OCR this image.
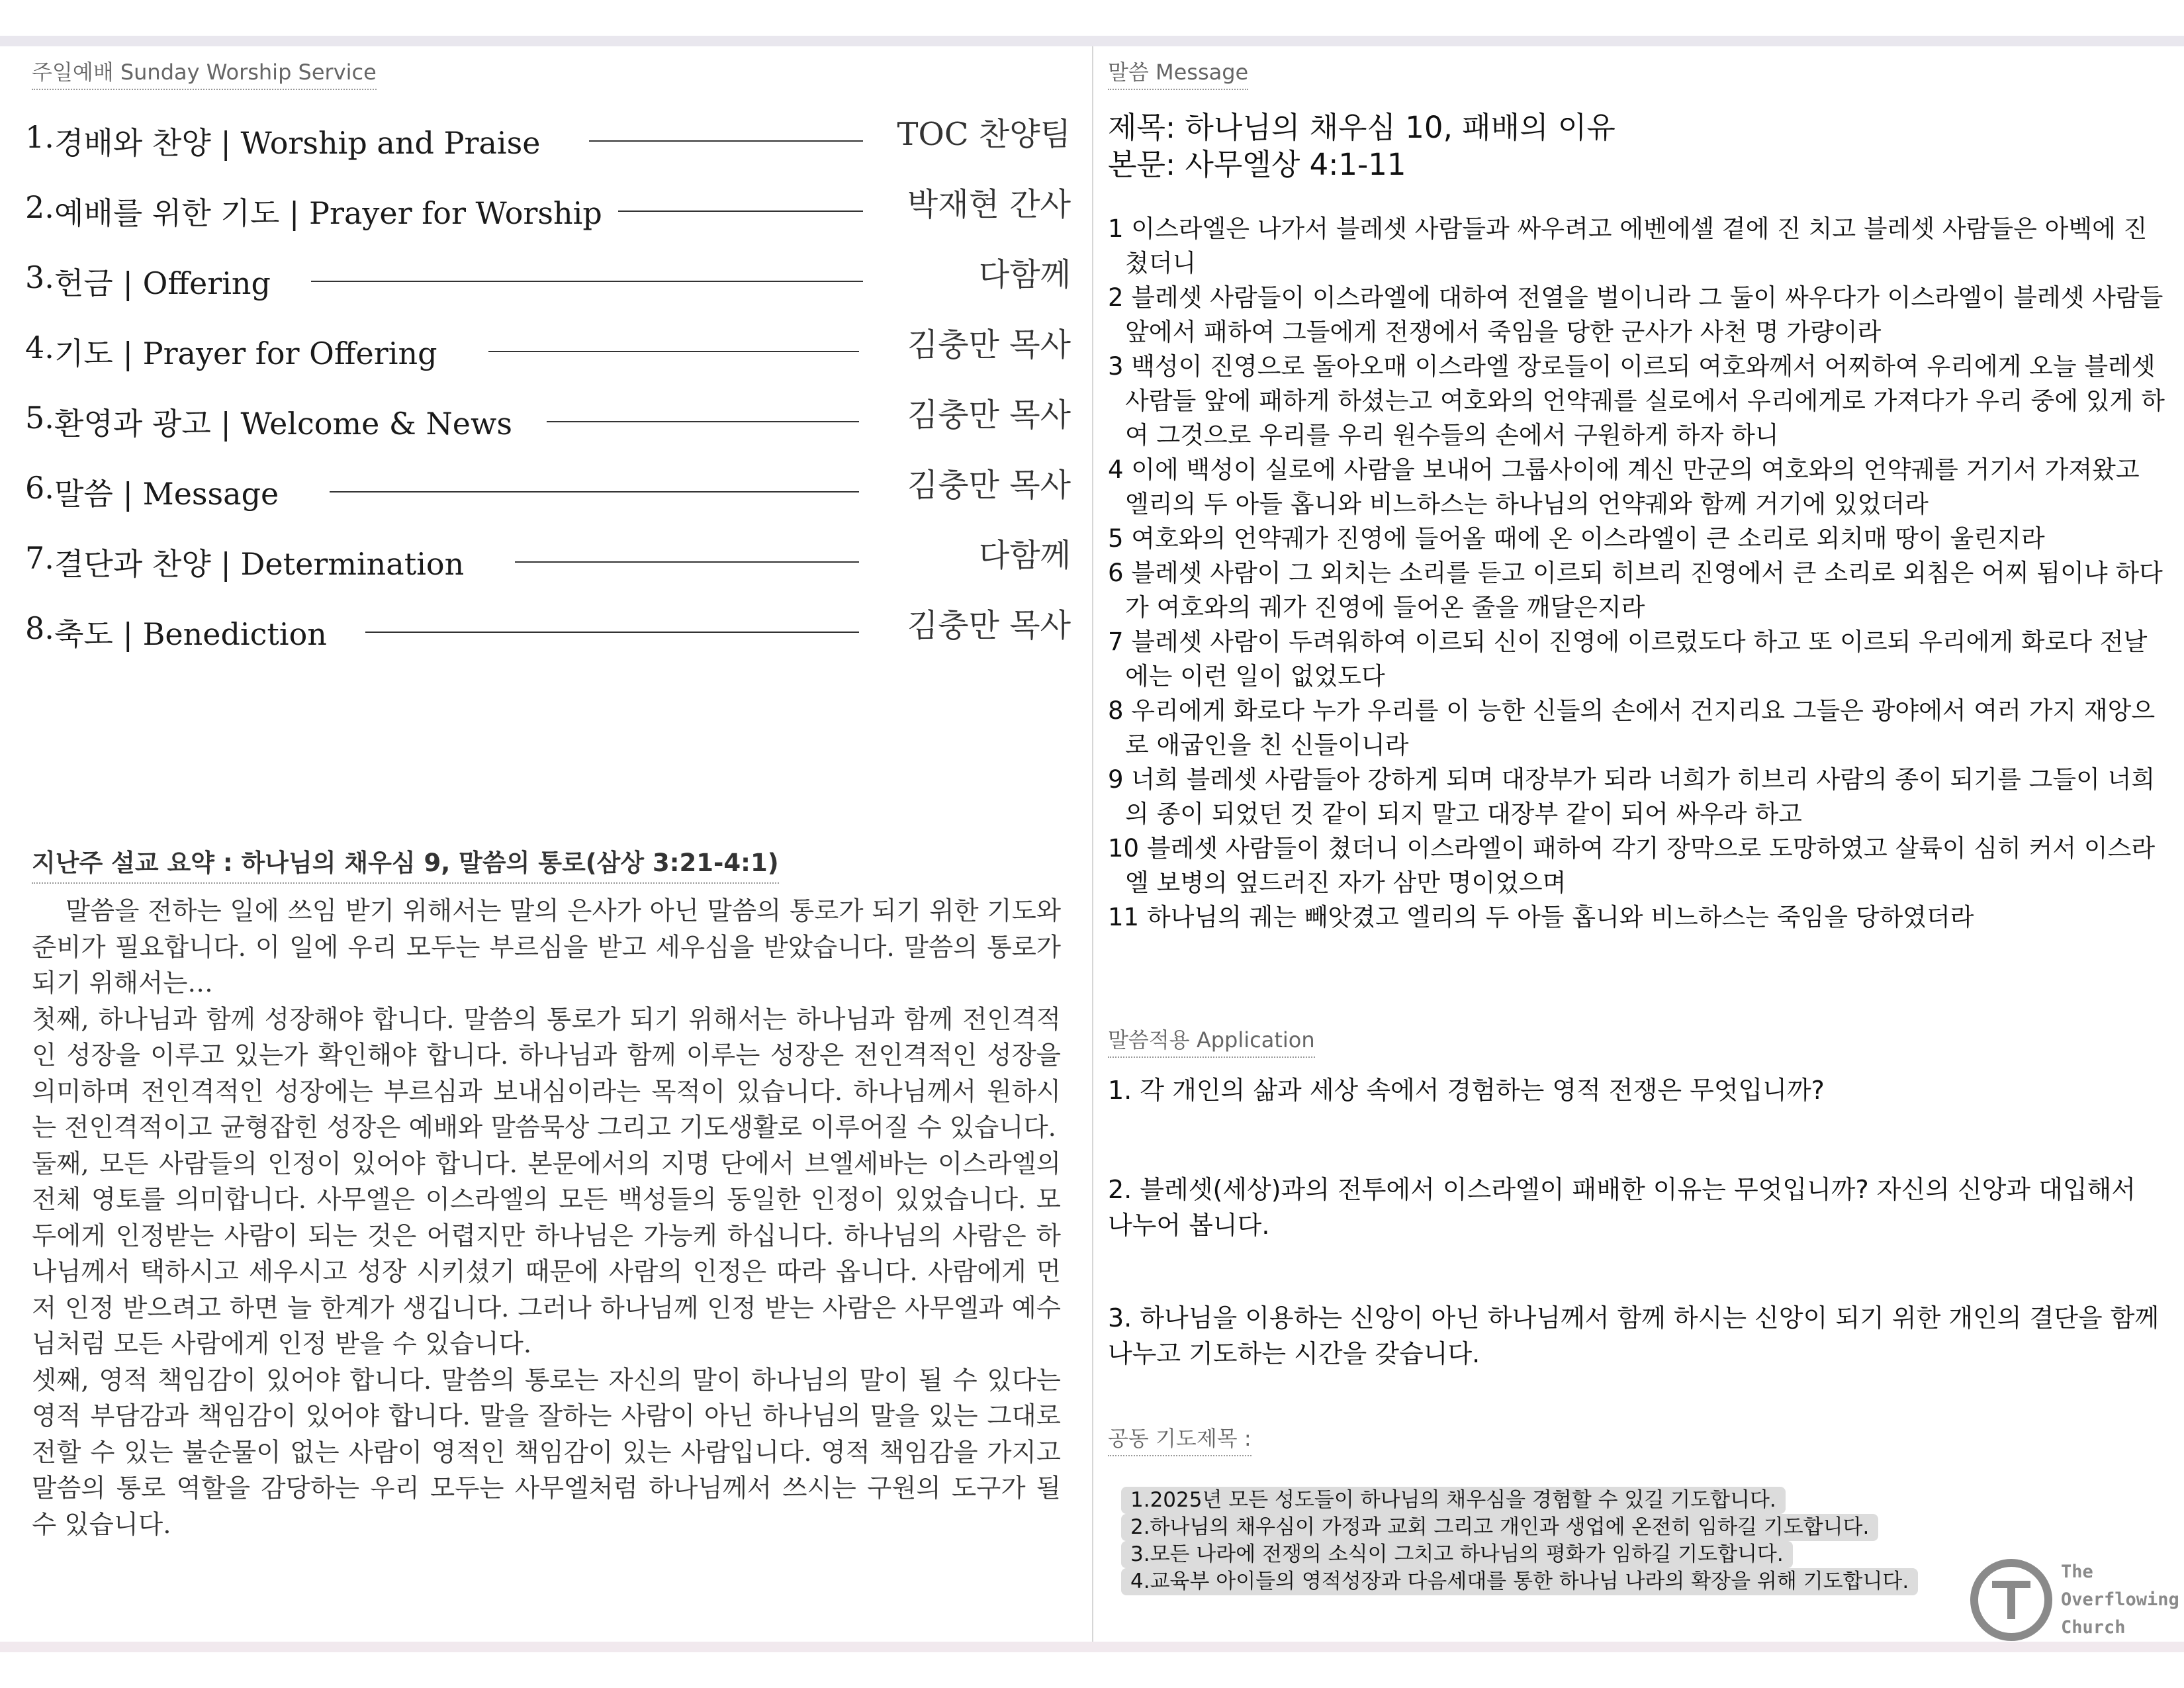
주일예배 Sunday Worship Service
1. 경배와 찬양 | Worship and Praise	TOC 찬양팀
2. 예배를 위한 기도 | Prayer for Worship	박재현 간사
3. 헌금 | Offering	다함께
4. 기도 | Prayer for Offering	김충만 목사
5. 환영과 광고 | Welcome & News	김충만 목사
6. 말씀 | Message	김충만 목사
7. 결단과 찬양 | Determination	다함께
8. 축도 | Benediction	김충만 목사
지난주 설교 요약 : 하나님의 채우심 9, 말씀의 통로(삼상 3:21-4:1)

말씀을 전하는 일에 쓰임 받기 위해서는 말의 은사가 아닌 말씀의 통로가 되기 위한 기도와 준비가 필요합니다. 이 일에 우리 모두는 부르심을 받고 세우심을 받았습니다. 말씀의 통로가 되기 위해서는…

첫째, 하나님과 함께 성장해야 합니다. 말씀의 통로가 되기 위해서는 하나님과 함께 전인격적인 성장을 이루고 있는가 확인해야 합니다. 하나님과 함께 이루는 성장은 전인격적인 성장을 의미하며 전인격적인 성장에는 부르심과 보내심이라는 목적이 있습니다. 하나님께서 원하시는 전인격적이고 균형잡힌 성장은 예배와 말씀묵상 그리고 기도생활로 이루어질 수 있습니다.

둘째, 모든 사람들의 인정이 있어야 합니다. 본문에서의 지명 단에서 브엘세바는 이스라엘의 전체 영토를 의미합니다. 사무엘은 이스라엘의 모든 백성들의 동일한 인정이 있었습니다. 모두에게 인정받는 사람이 되는 것은 어렵지만 하나님은 가능케 하십니다. 하나님의 사람은 하나님께서 택하시고 세우시고 성장 시키셨기 때문에 사람의 인정은 따라 옵니다. 사람에게 먼저 인정 받으려고 하면 늘 한계가 생깁니다. 그러나 하나님께 인정 받는 사람은 사무엘과 예수님처럼 모든 사람에게 인정 받을 수 있습니다.

셋째, 영적 책임감이 있어야 합니다. 말씀의 통로는 자신의 말이 하나님의 말이 될 수 있다는 영적 부담감과 책임감이 있어야 합니다. 말을 잘하는 사람이 아닌 하나님의 말을 있는 그대로 전할 수 있는 불순물이 없는 사람이 영적인 책임감이 있는 사람입니다. 영적 책임감을 가지고 말씀의 통로 역할을 감당하는 우리 모두는 사무엘처럼 하나님께서 쓰시는 구원의 도구가 될 수 있습니다.

말씀 Message
제목: 하나님의 채우심 10, 패배의 이유
본문: 사무엘상 4:1-11
1 이스라엘은 나가서 블레셋 사람들과 싸우려고 에벤에셀 곁에 진 치고 블레셋 사람들은 아벡에 진 쳤더니
2 블레셋 사람들이 이스라엘에 대하여 전열을 벌이니라 그 둘이 싸우다가 이스라엘이 블레셋 사람들 앞에서 패하여 그들에게 전쟁에서 죽임을 당한 군사가 사천 명 가량이라
3 백성이 진영으로 돌아오매 이스라엘 장로들이 이르되 여호와께서 어찌하여 우리에게 오늘 블레셋 사람들 앞에 패하게 하셨는고 여호와의 언약궤를 실로에서 우리에게로 가져다가 우리 중에 있게 하여 그것으로 우리를 우리 원수들의 손에서 구원하게 하자 하니
4 이에 백성이 실로에 사람을 보내어 그룹사이에 계신 만군의 여호와의 언약궤를 거기서 가져왔고 엘리의 두 아들 홉니와 비느하스는 하나님의 언약궤와 함께 거기에 있었더라
5 여호와의 언약궤가 진영에 들어올 때에 온 이스라엘이 큰 소리로 외치매 땅이 울린지라
6 블레셋 사람이 그 외치는 소리를 듣고 이르되 히브리 진영에서 큰 소리로 외침은 어찌 됨이냐 하다가 여호와의 궤가 진영에 들어온 줄을 깨달은지라
7 블레셋 사람이 두려워하여 이르되 신이 진영에 이르렀도다 하고 또 이르되 우리에게 화로다 전날에는 이런 일이 없었도다
8 우리에게 화로다 누가 우리를 이 능한 신들의 손에서 건지리요 그들은 광야에서 여러 가지 재앙으로 애굽인을 친 신들이니라
9 너희 블레셋 사람들아 강하게 되며 대장부가 되라 너희가 히브리 사람의 종이 되기를 그들이 너희의 종이 되었던 것 같이 되지 말고 대장부 같이 되어 싸우라 하고
10 블레셋 사람들이 쳤더니 이스라엘이 패하여 각기 장막으로 도망하였고 살륙이 심히 커서 이스라엘 보병의 엎드러진 자가 삼만 명이었으며
11 하나님의 궤는 빼앗겼고 엘리의 두 아들 홉니와 비느하스는 죽임을 당하였더라
말씀적용 Application
1. 각 개인의 삶과 세상 속에서 경험하는 영적 전쟁은 무엇입니까?
2. 블레셋(세상)과의 전투에서 이스라엘이 패배한 이유는 무엇입니까? 자신의 신앙과 대입해서 나누어 봅니다.
3. 하나님을 이용하는 신앙이 아닌 하나님께서 함께 하시는 신앙이 되기 위한 개인의 결단을 함께 나누고 기도하는 시간을 갖습니다.
공동 기도제목 :
1.2025년 모든 성도들이 하나님의 채우심을 경험할 수 있길 기도합니다.
2.하나님의 채우심이 가정과 교회 그리고 개인과 생업에 온전히 임하길 기도합니다.
3.모든 나라에 전쟁의 소식이 그치고 하나님의 평화가 임하길 기도합니다.
4.교육부 아이들의 영적성장과 다음세대를 통한 하나님 나라의 확장을 위해 기도합니다.	The
Overflowing
Church
